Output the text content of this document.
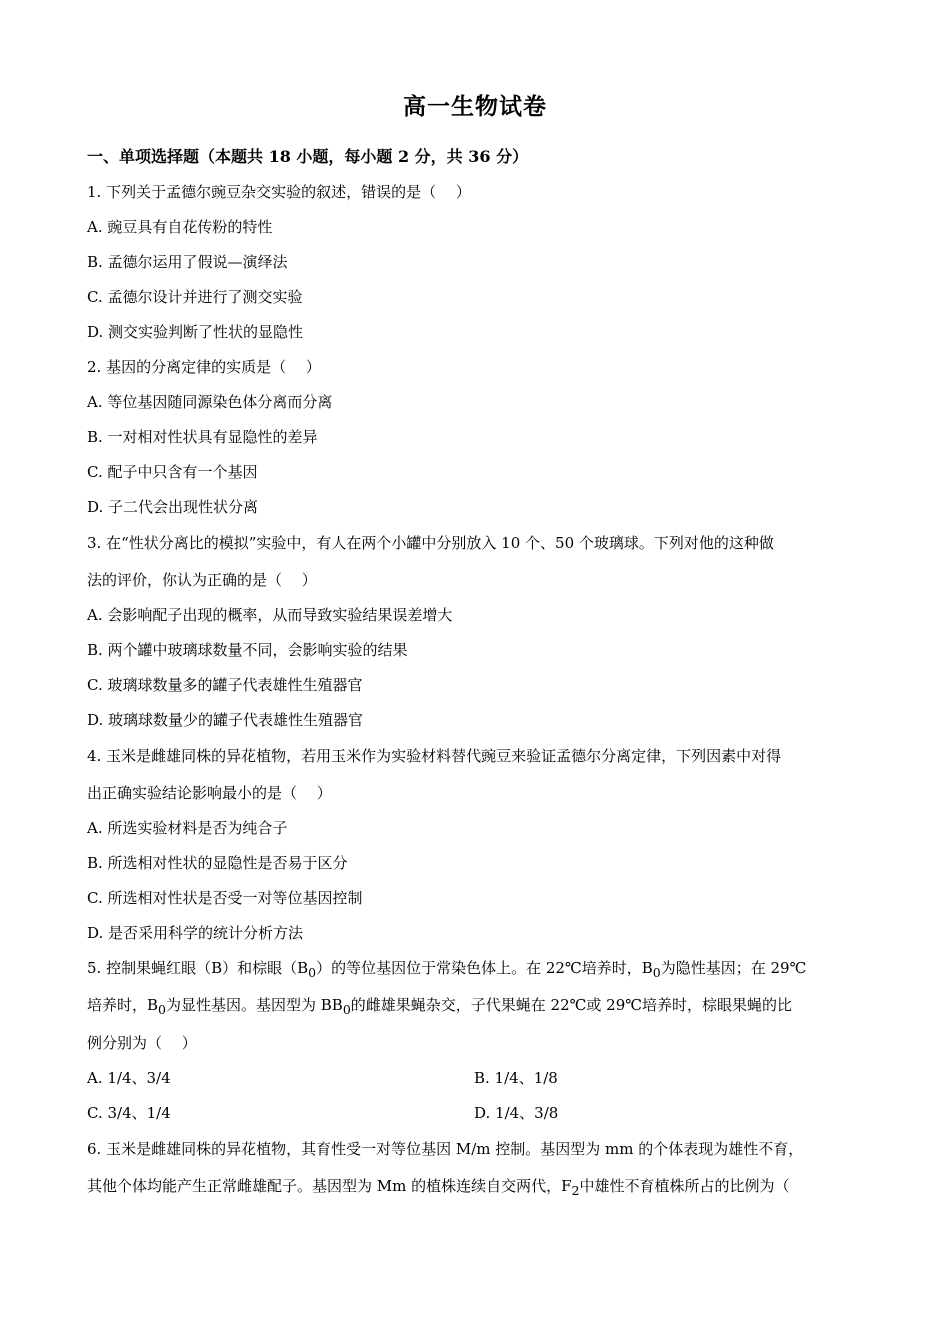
高一生物试卷
一、单项选择题（本题共 18 小题，每小题 2 分，共 36 分）
1. 下列关于孟德尔豌豆杂交实验的叙述，错误的是（　 ）
A. 豌豆具有自花传粉的特性
B. 孟德尔运用了假说—演绎法
C. 孟德尔设计并进行了测交实验
D. 测交实验判断了性状的显隐性
2. 基因的分离定律的实质是（　 ）
A. 等位基因随同源染色体分离而分离
B. 一对相对性状具有显隐性的差异
C. 配子中只含有一个基因
D. 子二代会出现性状分离
3. 在“性状分离比的模拟”实验中，有人在两个小罐中分别放入 10 个、50 个玻璃球。下列对他的这种做
法的评价，你认为正确的是（　 ）
A. 会影响配子出现的概率，从而导致实验结果误差增大
B. 两个罐中玻璃球数量不同，会影响实验的结果
C. 玻璃球数量多的罐子代表雄性生殖器官
D. 玻璃球数量少的罐子代表雄性生殖器官
4. 玉米是雌雄同株的异花植物，若用玉米作为实验材料替代豌豆来验证孟德尔分离定律，下列因素中对得
出正确实验结论影响最小的是（　 ）
A. 所选实验材料是否为纯合子
B. 所选相对性状的显隐性是否易于区分
C. 所选相对性状是否受一对等位基因控制
D. 是否采用科学的统计分析方法
5. 控制果蝇红眼（B）和棕眼$(B_0)$的等位基因位于常染色体上。在 22℃培养时，$B_0$为隐性基因；在 29℃
培养时，$B_0$为显性基因。基因型为 $BB_0$的雌雄果蝇杂交，子代果蝇在 22℃或 29℃培养时，棕眼果蝇的比
例分别为（　 ）
A. 1/4、3/4	B. 1/4、1/8
C. 3/4、1/4	D. 1/4、3/8
6. 玉米是雌雄同株的异花植物，其育性受一对等位基因 M/m 控制。基因型为 mm 的个体表现为雄性不育，
其他个体均能产生正常雌雄配子。基因型为 Mm 的植株连续自交两代，$F_2$中雄性不育植株所占的比例为（
